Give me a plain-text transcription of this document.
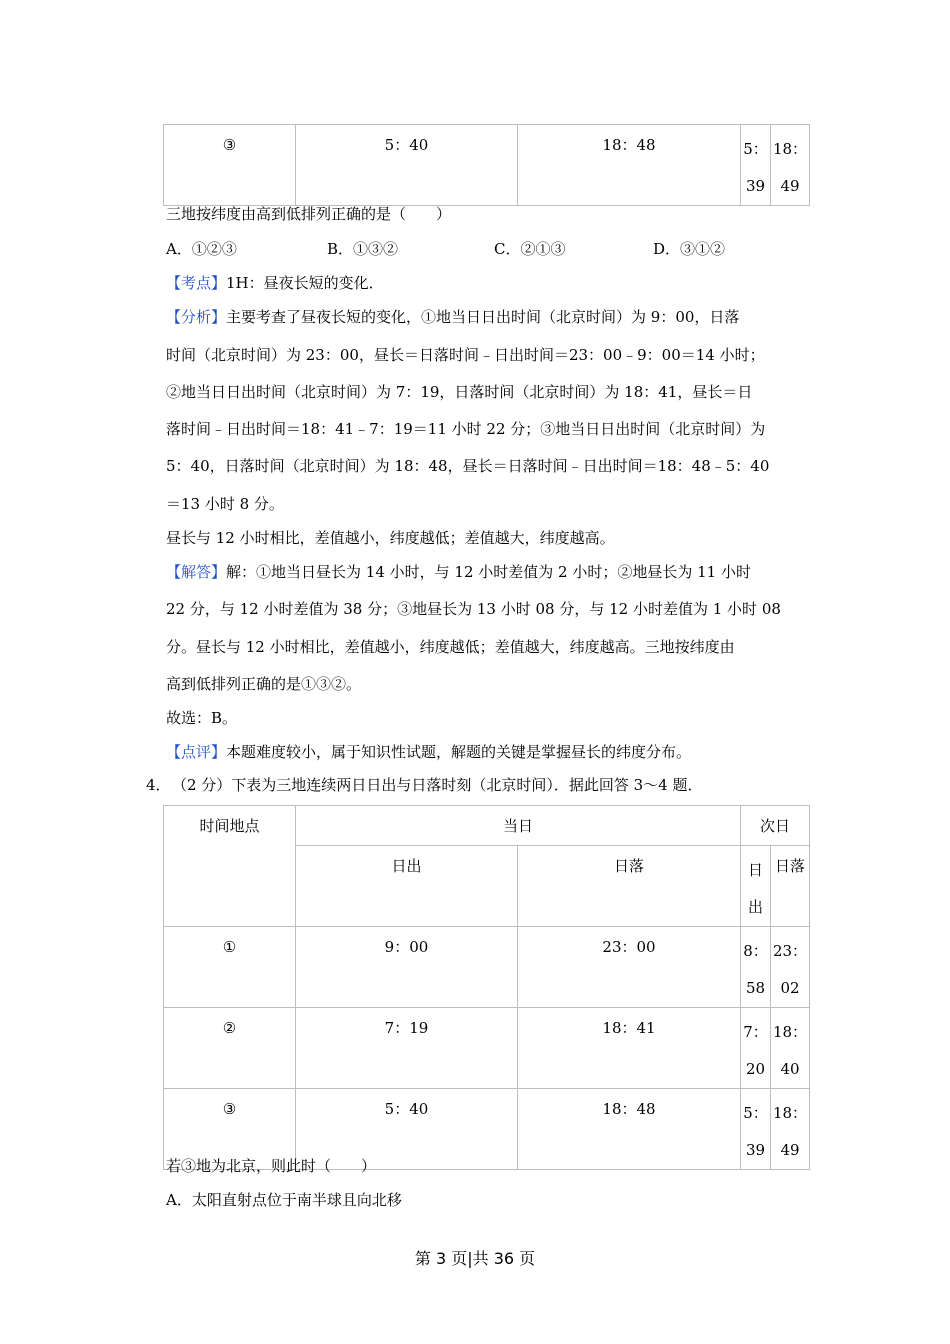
③	5：40	18：48	5：39	18：49
三地按纬度由高到低排列正确的是（　　）
A．①②③	B．①③②	C．②①③	D．③①②
【考点】1H：昼夜长短的变化．
【分析】主要考查了昼夜长短的变化，①地当日日出时间（北京时间）为 9：00，日落
时间（北京时间）为 23：00，昼长＝日落时间﹣日出时间＝23：00﹣9：00＝14 小时；
②地当日日出时间（北京时间）为 7：19，日落时间（北京时间）为 18：41，昼长＝日
落时间﹣日出时间＝18：41﹣7：19＝11 小时 22 分；③地当日日出时间（北京时间）为
5：40，日落时间（北京时间）为 18：48，昼长＝日落时间﹣日出时间＝18：48﹣5：40
＝13 小时 8 分。
昼长与 12 小时相比，差值越小，纬度越低；差值越大，纬度越高。
【解答】解：①地当日昼长为 14 小时，与 12 小时差值为 2 小时；②地昼长为 11 小时
22 分，与 12 小时差值为 38 分；③地昼长为 13 小时 08 分，与 12 小时差值为 1 小时 08
分。昼长与 12 小时相比，差值越小，纬度越低；差值越大，纬度越高。三地按纬度由
高到低排列正确的是①③②。
故选：B。
【点评】本题难度较小，属于知识性试题，解题的关键是掌握昼长的纬度分布。
4． （2 分）下表为三地连续两日日出与日落时刻（北京时间）．据此回答 3～4 题．
时间地点	当日		次日	

	日出	日落	日出	日落

①	9：00	23：00	8：58	23：02

②	7：19	18：41	7：20	18：40

③	5：40	18：48	5：39	18：49
若③地为北京，则此时（　　）
A．太阳直射点位于南半球且向北移
第 3 页|共 36 页
